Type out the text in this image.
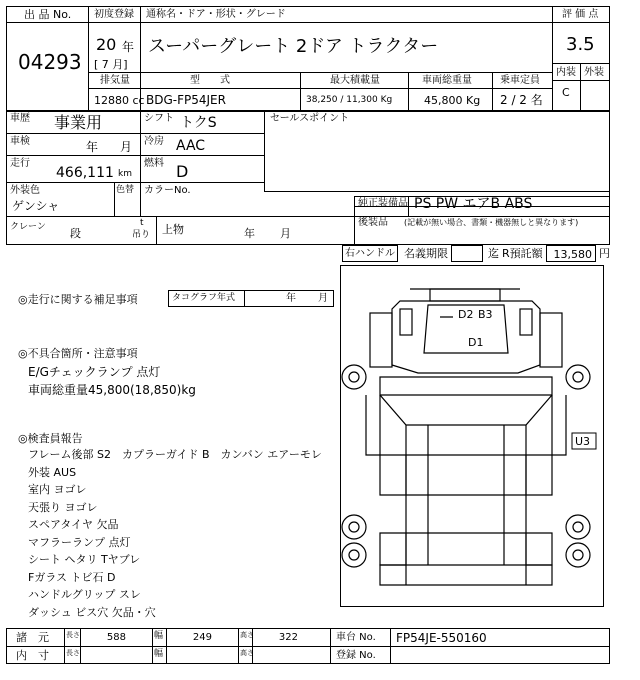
出 品 No.
04293
初度登録 通称名・ドア・形状・グレード
20 年
[ 7 月]
スーパーグレート 2ドア トラクター
評 価 点
3.5
内装 外装
C
排気量	型　　式	最大積載量	車両総重量	乗車定員
12880 cc BDG-FP54JER	38,250 / 11,300 Kg	45,800 Kg 2 / 2 名
車歴 事業用	シフト トクS
車検	年 月 冷房 AAC
走行
466,111 km
燃料 D
外装色
ゲンシャ
色替 カラーNo.
セールスポイント
純正装備品 PS PW エアB ABS
後装品 (記載が無い場合、書類・機器無しと異なります)
クレーン 段
t
吊り 上物	年 月
右ハンドル 名義期限	迄 R預託額 13,580 円
◎走行に関する補足事項	タコグラフ年式	年 月
◎不具合箇所・注意事項
E/Gチェックランプ 点灯
車両総重量45,800(18,850)kg
◎検査員報告
フレーム後部 S2　カプラーガイド B　カンバン エアーモレ
外装 AUS
室内 ヨゴレ
天張り ヨゴレ
スペアタイヤ 欠品
マフラーランプ 点灯
シート ヘタリ Tヤブレ
Fガラス トビ石 D
ハンドルグリップ スレ
ダッシュ ビス穴 欠品・穴
D2 B3
D1
U3
諸　元 長さ	588	幅	249	高さ	322	車台 No. FP54JE-550160
内　寸 長さ	幅	高さ	登録 No.
